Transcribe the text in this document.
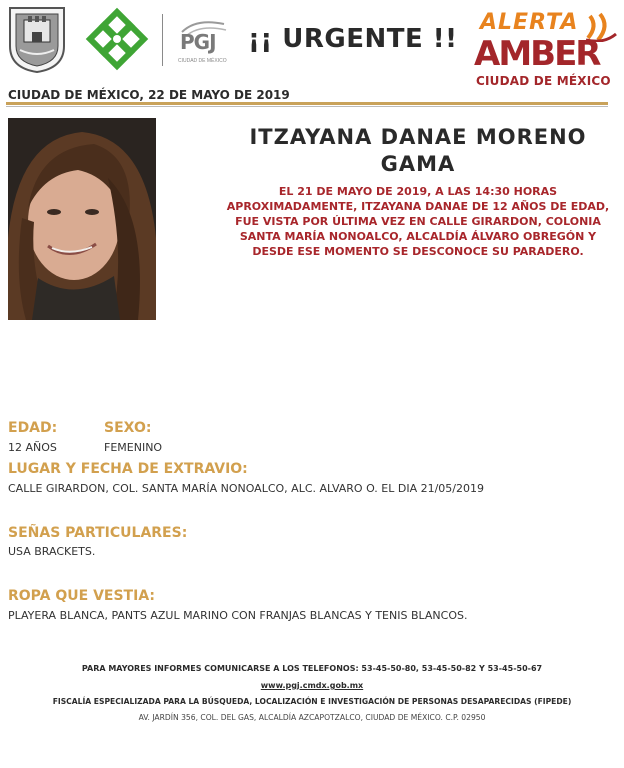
PGJ
CIUDAD DE MÉXICO
¡¡ URGENTE !!
ALERTA
AMBER
CIUDAD DE MÉXICO
CIUDAD DE MÉXICO, 22 DE MAYO DE 2019
ITZAYANA DANAE MORENO GAMA
EL 21 DE MAYO DE 2019, A LAS 14:30 HORAS APROXIMADAMENTE, ITZAYANA DANAE DE 12 AÑOS DE EDAD, FUE VISTA POR ÚLTIMA VEZ EN CALLE GIRARDON, COLONIA SANTA MARÍA NONOALCO, ALCALDÍA ÁLVARO OBREGÓN Y DESDE ESE MOMENTO SE DESCONOCE SU PARADERO.
EDAD:	SEXO:
12 AÑOS	FEMENINO
LUGAR Y FECHA DE EXTRAVIO:
CALLE GIRARDON, COL. SANTA MARÍA NONOALCO, ALC. ALVARO O. EL DIA 21/05/2019
SEÑAS PARTICULARES:
USA BRACKETS.
ROPA QUE VESTIA:
PLAYERA BLANCA, PANTS AZUL MARINO CON FRANJAS BLANCAS Y TENIS BLANCOS.
PARA MAYORES INFORMES COMUNICARSE A LOS TELEFONOS: 53-45-50-80, 53-45-50-82 Y 53-45-50-67
www.pgj.cmdx.gob.mx
FISCALÍA ESPECIALIZADA PARA LA BÚSQUEDA, LOCALIZACIÓN E INVESTIGACIÓN DE PERSONAS DESAPARECIDAS (FIPEDE)
AV. JARDÍN 356, COL. DEL GAS, ALCALDÍA AZCAPOTZALCO, CIUDAD DE MÉXICO. C.P. 02950
